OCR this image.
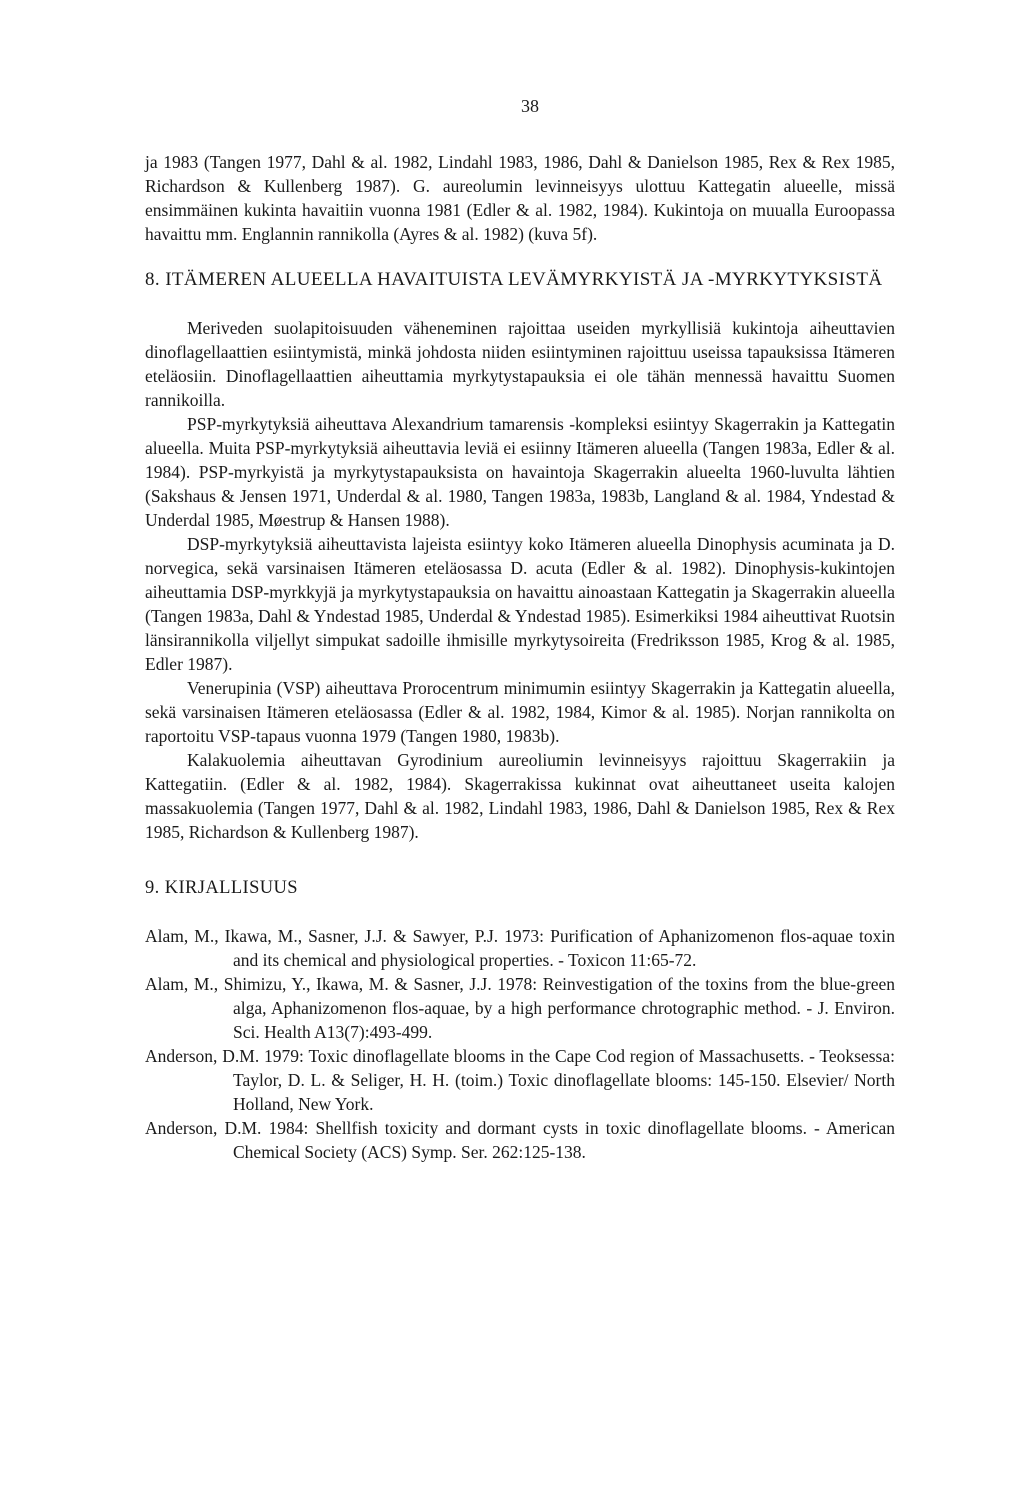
38

ja 1983 (Tangen 1977, Dahl & al. 1982, Lindahl 1983, 1986, Dahl & Danielson 1985, Rex & Rex 1985, Richardson & Kullenberg 1987). G. aureolumin levinneisyys ulottuu Kattegatin alueelle, missä ensimmäinen kukinta havaitiin vuonna 1981 (Edler & al. 1982, 1984). Kukintoja on muualla Euroopassa havaittu mm. Englannin rannikolla (Ayres & al. 1982) (kuva 5f).

8. ITÄMEREN ALUEELLA HAVAITUISTA LEVÄMYRKYISTÄ JA -MYRKYTYKSISTÄ

Meriveden suolapitoisuuden väheneminen rajoittaa useiden myrkyllisiä kukintoja aiheuttavien dinoflagellaattien esiintymistä, minkä johdosta niiden esiintyminen rajoittuu useissa tapauksissa Itämeren eteläosiin. Dinoflagellaattien aiheuttamia myrkytystapauksia ei ole tähän mennessä havaittu Suomen rannikoilla.

PSP-myrkytyksiä aiheuttava Alexandrium tamarensis -kompleksi esiintyy Skagerrakin ja Kattegatin alueella. Muita PSP-myrkytyksiä aiheuttavia leviä ei esiinny Itämeren alueella (Tangen 1983a, Edler & al. 1984). PSP-myrkyistä ja myrkytystapauksista on havaintoja Skagerrakin alueelta 1960-luvulta lähtien (Sakshaus & Jensen 1971, Underdal & al. 1980, Tangen 1983a, 1983b, Langland & al. 1984, Yndestad & Underdal 1985, Møestrup & Hansen 1988).

DSP-myrkytyksiä aiheuttavista lajeista esiintyy koko Itämeren alueella Dinophysis acuminata ja D. norvegica, sekä varsinaisen Itämeren eteläosassa D. acuta (Edler & al. 1982). Dinophysis-kukintojen aiheuttamia DSP-myrkkyjä ja myrkytystapauksia on havaittu ainoastaan Kattegatin ja Skagerrakin alueella (Tangen 1983a, Dahl & Yndestad 1985, Underdal & Yndestad 1985). Esimerkiksi 1984 aiheuttivat Ruotsin länsirannikolla viljellyt simpukat sadoille ihmisille myrkytysoireita (Fredriksson 1985, Krog & al. 1985, Edler 1987).

Venerupinia (VSP) aiheuttava Prorocentrum minimumin esiintyy Skagerrakin ja Kattegatin alueella, sekä varsinaisen Itämeren eteläosassa (Edler & al. 1982, 1984, Kimor & al. 1985). Norjan rannikolta on raportoitu VSP-tapaus vuonna 1979 (Tangen 1980, 1983b).

Kalakuolemia aiheuttavan Gyrodinium aureoliumin levinneisyys rajoittuu Skagerrakiin ja Kattegatiin. (Edler & al. 1982, 1984). Skagerrakissa kukinnat ovat aiheuttaneet useita kalojen massakuolemia (Tangen 1977, Dahl & al. 1982, Lindahl 1983, 1986, Dahl & Danielson 1985, Rex & Rex 1985, Richardson & Kullenberg 1987).

9. KIRJALLISUUS
Alam, M., Ikawa, M., Sasner, J.J. & Sawyer, P.J. 1973: Purification of Aphanizomenon flos-aquae toxin and its chemical and physiological properties. - Toxicon 11:65-72.
Alam, M., Shimizu, Y., Ikawa, M. & Sasner, J.J. 1978: Reinvestigation of the toxins from the blue-green alga, Aphanizomenon flos-aquae, by a high performance chrotographic method. - J. Environ. Sci. Health A13(7):493-499.
Anderson, D.M. 1979: Toxic dinoflagellate blooms in the Cape Cod region of Massachusetts. - Teoksessa: Taylor, D. L. & Seliger, H. H. (toim.) Toxic dinoflagellate blooms: 145-150. Elsevier/ North Holland, New York.
Anderson, D.M. 1984: Shellfish toxicity and dormant cysts in toxic dinoflagellate blooms. - American Chemical Society (ACS) Symp. Ser. 262:125-138.
